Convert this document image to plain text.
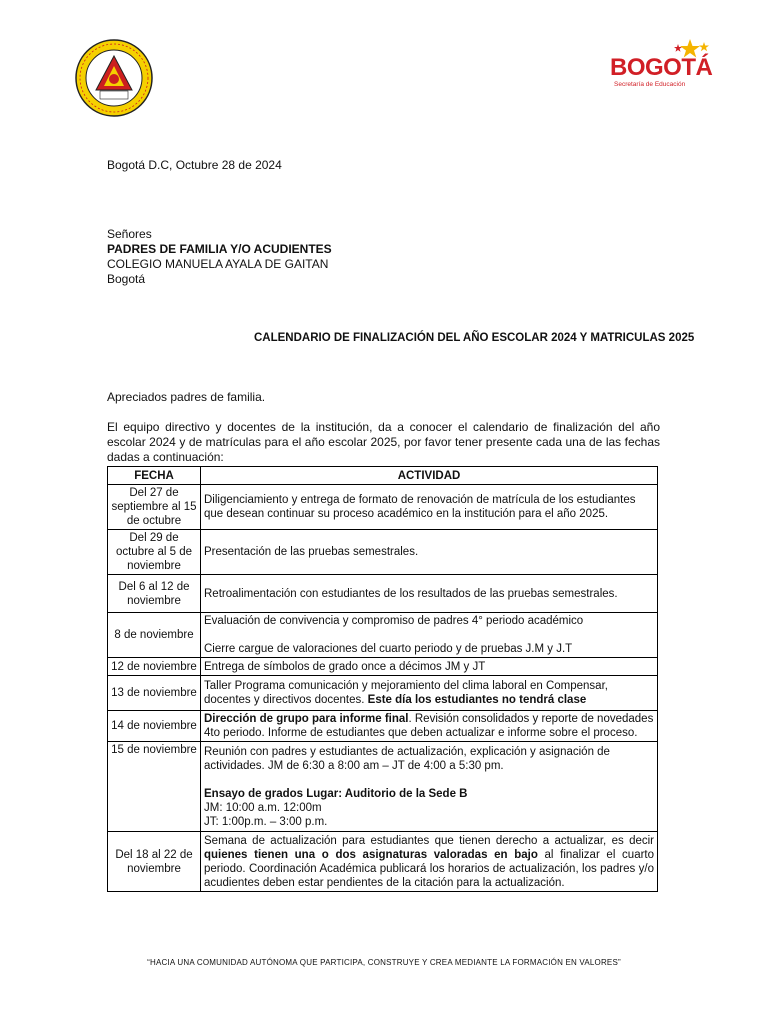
BOGOTÁ
Secretaría de Educación
Bogotá D.C, Octubre 28 de 2024
Señores
PADRES DE FAMILIA Y/O ACUDIENTES
COLEGIO MANUELA AYALA DE GAITAN
Bogotá
CALENDARIO DE FINALIZACIÓN DEL AÑO ESCOLAR 2024 Y MATRICULAS 2025
Apreciados padres de familia.
El equipo directivo y docentes de la institución, da a conocer el calendario de finalización del año escolar 2024 y de matrículas para el año escolar 2025, por favor tener presente cada una de las fechas dadas a continuación:
FECHA	ACTIVIDAD
Del 27 de septiembre al 15 de octubre	Diligenciamiento y entrega de formato de renovación de matrícula de los estudiantes que desean continuar su proceso académico en la institución para el año 2025.
Del 29 de octubre al 5 de noviembre	Presentación de las pruebas semestrales.
Del 6 al 12 de noviembre	Retroalimentación con estudiantes de los resultados de las pruebas semestrales.
8 de noviembre	Evaluación de convivencia y compromiso de padres 4° periodo académico
Cierre cargue de valoraciones del cuarto periodo y de pruebas J.M y J.T
12 de noviembre	Entrega de símbolos de grado once a décimos JM y JT
13 de noviembre	Taller Programa comunicación y mejoramiento del clima laboral en Compensar, docentes y directivos docentes. Este día los estudiantes no tendrá clase
14 de noviembre	Dirección de grupo para informe final. Revisión consolidados y reporte de novedades 4to periodo. Informe de estudiantes que deben actualizar e informe sobre el proceso.
15 de noviembre	Reunión con padres y estudiantes de actualización, explicación y asignación de actividades. JM de 6:30 a 8:00 am – JT de 4:00 a 5:30 pm.
Ensayo de grados Lugar: Auditorio de la Sede B
JM: 10:00 a.m. 12:00m
JT: 1:00p.m. – 3:00 p.m.
Del 18 al 22 de noviembre	Semana de actualización para estudiantes que tienen derecho a actualizar, es decir quienes tienen una o dos asignaturas valoradas en bajo al finalizar el cuarto periodo. Coordinación Académica publicará los horarios de actualización, los padres y/o acudientes deben estar pendientes de la citación para la actualización.
“HACIA UNA COMUNIDAD AUTÓNOMA QUE PARTICIPA, CONSTRUYE Y CREA MEDIANTE LA FORMACIÓN EN VALORES”
